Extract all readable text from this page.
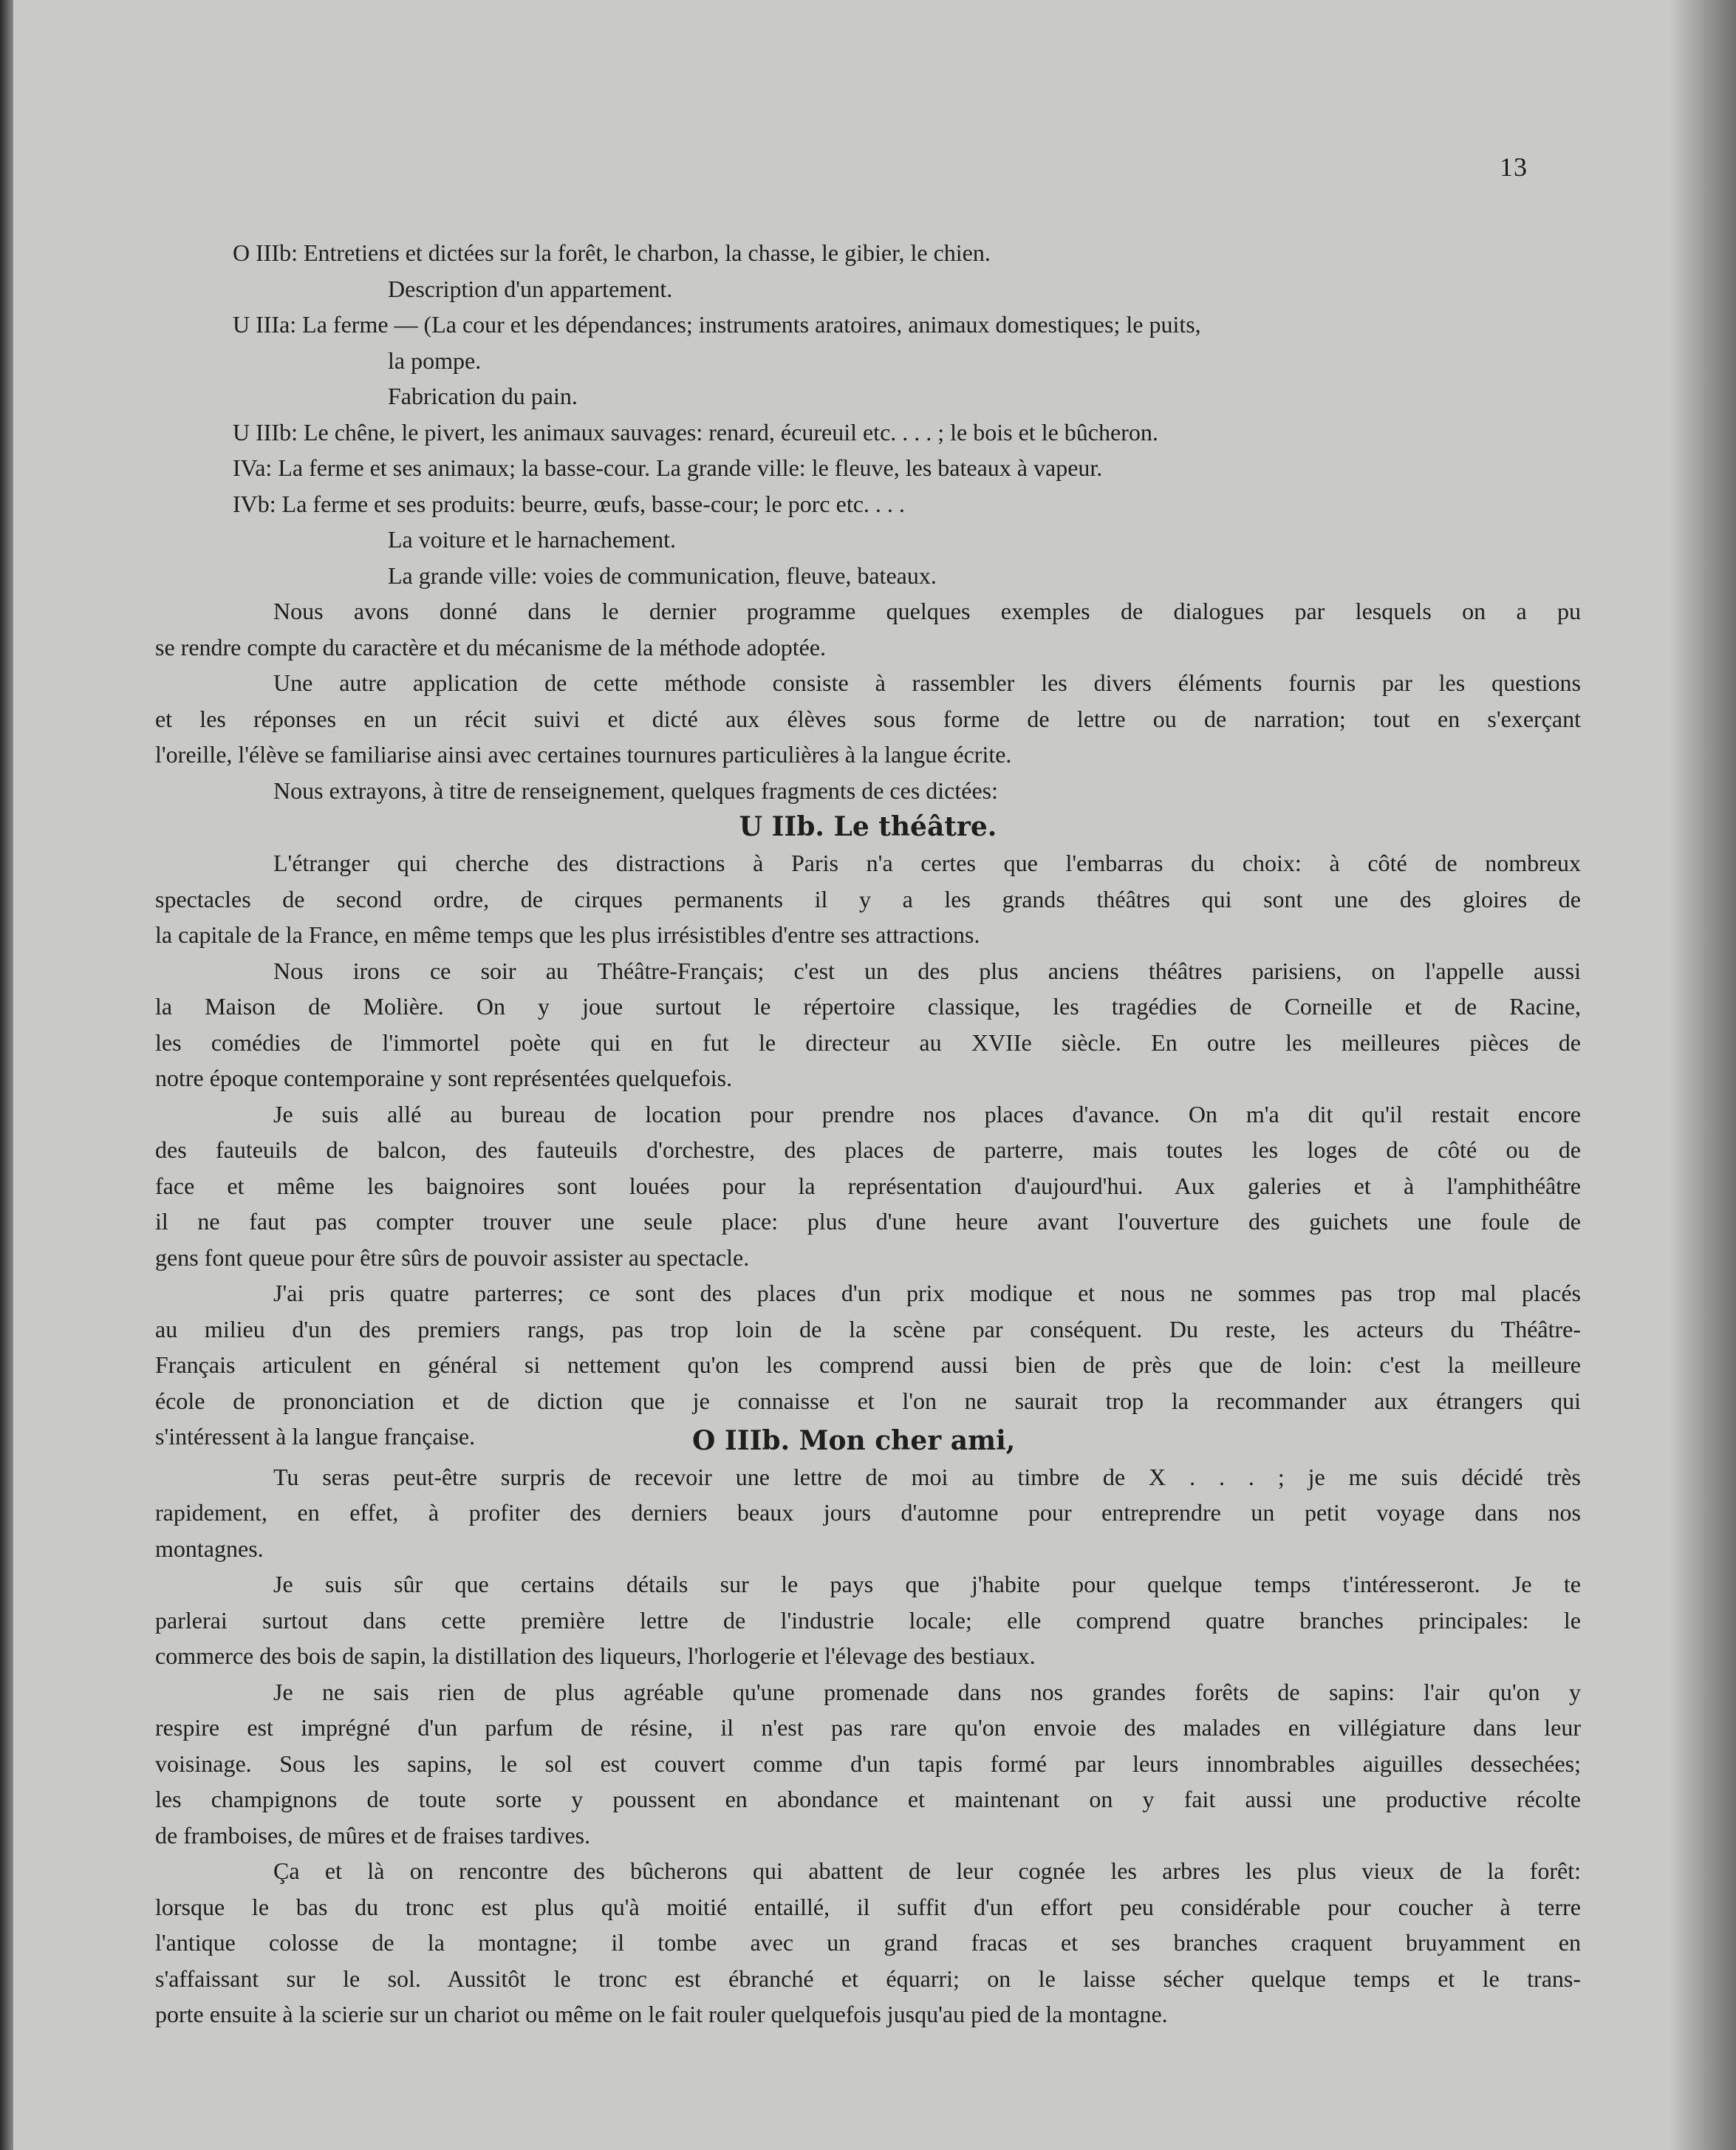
13
O IIIb: Entretiens et dictées sur la forêt, le charbon, la chasse, le gibier, le chien.
Description d'un appartement.
U IIIa: La ferme — (La cour et les dépendances; instruments aratoires, animaux domestiques; le puits,
la pompe.
Fabrication du pain.
U IIIb: Le chêne, le pivert, les animaux sauvages: renard, écureuil etc. . . . ; le bois et le bûcheron.
IVa: La ferme et ses animaux; la basse-cour. La grande ville: le fleuve, les bateaux à vapeur.
IVb: La ferme et ses produits: beurre, œufs, basse-cour; le porc etc. . . .
La voiture et le harnachement.
La grande ville: voies de communication, fleuve, bateaux.
Nous avons donné dans le dernier programme quelques exemples de dialogues par lesquels on a pu
se rendre compte du caractère et du mécanisme de la méthode adoptée.
Une autre application de cette méthode consiste à rassembler les divers éléments fournis par les questions
et les réponses en un récit suivi et dicté aux élèves sous forme de lettre ou de narration; tout en s'exerçant
l'oreille, l'élève se familiarise ainsi avec certaines tournures particulières à la langue écrite.
Nous extrayons, à titre de renseignement, quelques fragments de ces dictées:
U IIb. Le théâtre.
L'étranger qui cherche des distractions à Paris n'a certes que l'embarras du choix: à côté de nombreux
spectacles de second ordre, de cirques permanents il y a les grands théâtres qui sont une des gloires de
la capitale de la France, en même temps que les plus irrésistibles d'entre ses attractions.
Nous irons ce soir au Théâtre-Français; c'est un des plus anciens théâtres parisiens, on l'appelle aussi
la Maison de Molière. On y joue surtout le répertoire classique, les tragédies de Corneille et de Racine,
les comédies de l'immortel poète qui en fut le directeur au XVIIe siècle. En outre les meilleures pièces de
notre époque contemporaine y sont représentées quelquefois.
Je suis allé au bureau de location pour prendre nos places d'avance. On m'a dit qu'il restait encore
des fauteuils de balcon, des fauteuils d'orchestre, des places de parterre, mais toutes les loges de côté ou de
face et même les baignoires sont louées pour la représentation d'aujourd'hui. Aux galeries et à l'amphithéâtre
il ne faut pas compter trouver une seule place: plus d'une heure avant l'ouverture des guichets une foule de
gens font queue pour être sûrs de pouvoir assister au spectacle.
J'ai pris quatre parterres; ce sont des places d'un prix modique et nous ne sommes pas trop mal placés
au milieu d'un des premiers rangs, pas trop loin de la scène par conséquent. Du reste, les acteurs du Théâtre-
Français articulent en général si nettement qu'on les comprend aussi bien de près que de loin: c'est la meilleure
école de prononciation et de diction que je connaisse et l'on ne saurait trop la recommander aux étrangers qui
s'intéressent à la langue française.	O IIIb. Mon cher ami,
Tu seras peut-être surpris de recevoir une lettre de moi au timbre de X . . . ; je me suis décidé très
rapidement, en effet, à profiter des derniers beaux jours d'automne pour entreprendre un petit voyage dans nos
montagnes.
Je suis sûr que certains détails sur le pays que j'habite pour quelque temps t'intéresseront. Je te
parlerai surtout dans cette première lettre de l'industrie locale; elle comprend quatre branches principales: le
commerce des bois de sapin, la distillation des liqueurs, l'horlogerie et l'élevage des bestiaux.
Je ne sais rien de plus agréable qu'une promenade dans nos grandes forêts de sapins: l'air qu'on y
respire est imprégné d'un parfum de résine, il n'est pas rare qu'on envoie des malades en villégiature dans leur
voisinage. Sous les sapins, le sol est couvert comme d'un tapis formé par leurs innombrables aiguilles dessechées;
les champignons de toute sorte y poussent en abondance et maintenant on y fait aussi une productive récolte
de framboises, de mûres et de fraises tardives.
Ça et là on rencontre des bûcherons qui abattent de leur cognée les arbres les plus vieux de la forêt:
lorsque le bas du tronc est plus qu'à moitié entaillé, il suffit d'un effort peu considérable pour coucher à terre
l'antique colosse de la montagne; il tombe avec un grand fracas et ses branches craquent bruyamment en
s'affaissant sur le sol. Aussitôt le tronc est ébranché et équarri; on le laisse sécher quelque temps et le trans-
porte ensuite à la scierie sur un chariot ou même on le fait rouler quelquefois jusqu'au pied de la montagne.
